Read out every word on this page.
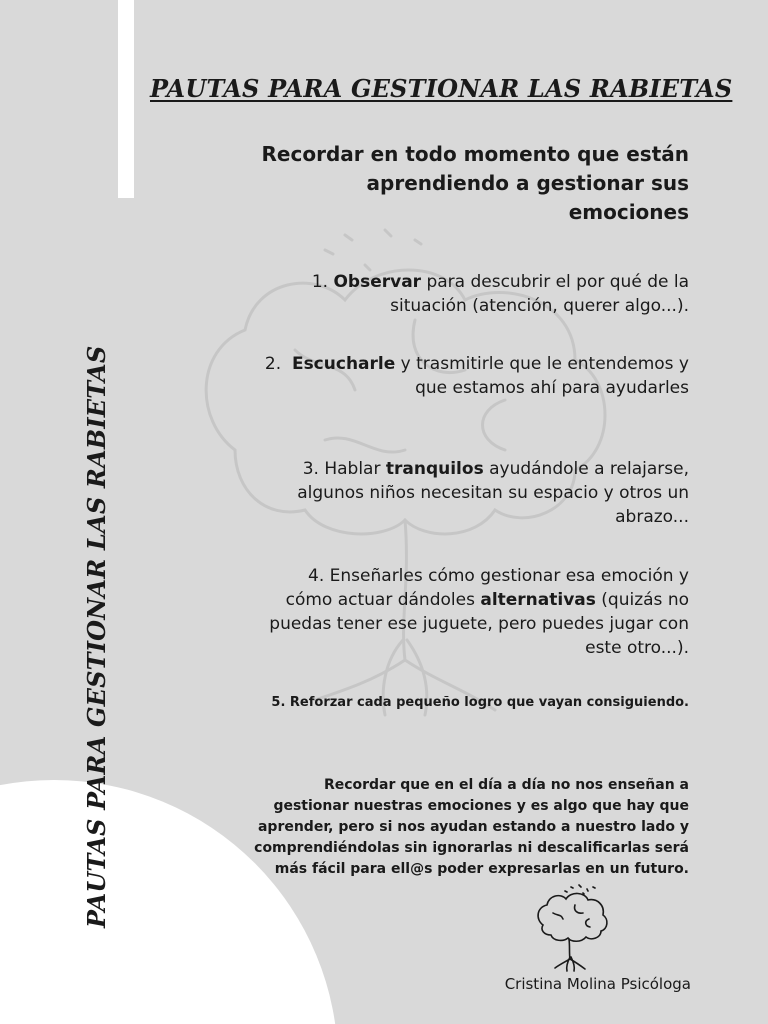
PAUTAS PARA GESTIONAR LAS RABIETAS
PAUTAS PARA GESTIONAR LAS RABIETAS

Recordar en todo momento que están
aprendiendo a gestionar sus
emociones

1. Observar para descubrir el por qué de la
situación (atención, querer algo...).

2. Escucharle y trasmitirle que le entendemos y
que estamos ahí para ayudarles

3. Hablar tranquilos ayudándole a relajarse,
algunos niños necesitan su espacio y otros un
abrazo...

4. Enseñarles cómo gestionar esa emoción y
cómo actuar dándoles alternativas (quizás no
puedas tener ese juguete, pero puedes jugar con
este otro...).

5. Reforzar cada pequeño logro que vayan consiguiendo.

Recordar que en el día a día no nos enseñan a
gestionar nuestras emociones y es algo que hay que
aprender, pero si nos ayudan estando a nuestro lado y
comprendiéndolas sin ignorarlas ni descalificarlas será
más fácil para ell@s poder expresarlas en un futuro.

Cristina Molina Psicóloga
